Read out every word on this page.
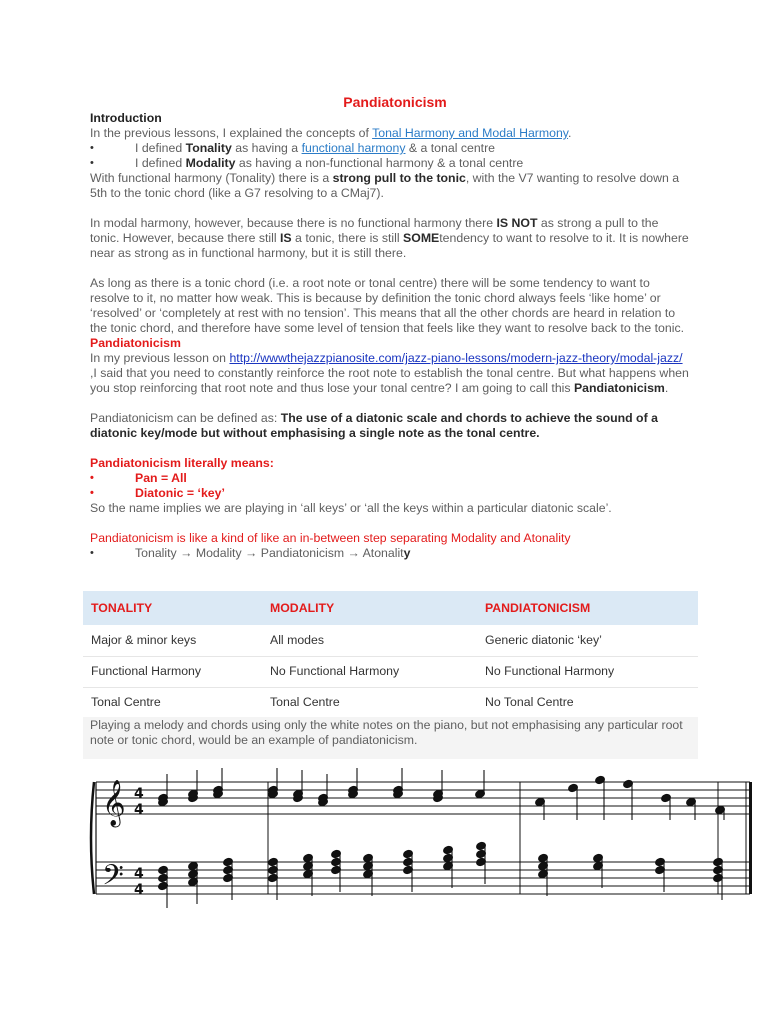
Pandiatonicism

Introduction

In the previous lessons, I explained the concepts of Tonal Harmony and Modal Harmony.

• I defined Tonality as having a functional harmony & a tonal centre

• I defined Modality as having a non-functional harmony & a tonal centre

With functional harmony (Tonality) there is a strong pull to the tonic, with the V7 wanting to resolve down a 5th to the tonic chord (like a G7 resolving to a CMaj7).

In modal harmony, however, because there is no functional harmony there IS NOT as strong a pull to the tonic. However, because there still IS a tonic, there is still SOMEtendency to want to resolve to it. It is nowhere near as strong as in functional harmony, but it is still there.

As long as there is a tonic chord (i.e. a root note or tonal centre) there will be some tendency to want to resolve to it, no matter how weak. This is because by definition the tonic chord always feels ‘like home’ or ‘resolved’ or ‘completely at rest with no tension’. This means that all the other chords are heard in relation to the tonic chord, and therefore have some level of tension that feels like they want to resolve back to the tonic.

Pandiatonicism

In my previous lesson on http://wwwthejazzpianosite.com/jazz-piano-lessons/modern-jazz-theory/modal-jazz/ ,I said that you need to constantly reinforce the root note to establish the tonal centre. But what happens when you stop reinforcing that root note and thus lose your tonal centre? I am going to call this Pandiatonicism.

Pandiatonicism can be defined as: The use of a diatonic scale and chords to achieve the sound of a diatonic key/mode but without emphasising a single note as the tonal centre.

Pandiatonicism literally means:

• Pan = All

• Diatonic = ‘key’

So the name implies we are playing in ‘all keys’ or ‘all the keys within a particular diatonic scale’.

Pandiatonicism is like a kind of like an in-between step separating Modality and Atonality

• Tonality → Modality → Pandiatonicism → Atonality

TONALITY	MODALITY	PANDIATONICISM
Major & minor keys	All modes	Generic diatonic ‘key’
Functional Harmony	No Functional Harmony	No Functional Harmony
Tonal Centre	Tonal Centre	No Tonal Centre

Playing a melody and chords using only the white notes on the piano, but not emphasising any particular root note or tonic chord, would be an example of pandiatonicism.

𝄞
𝄢
4
4
4
4
